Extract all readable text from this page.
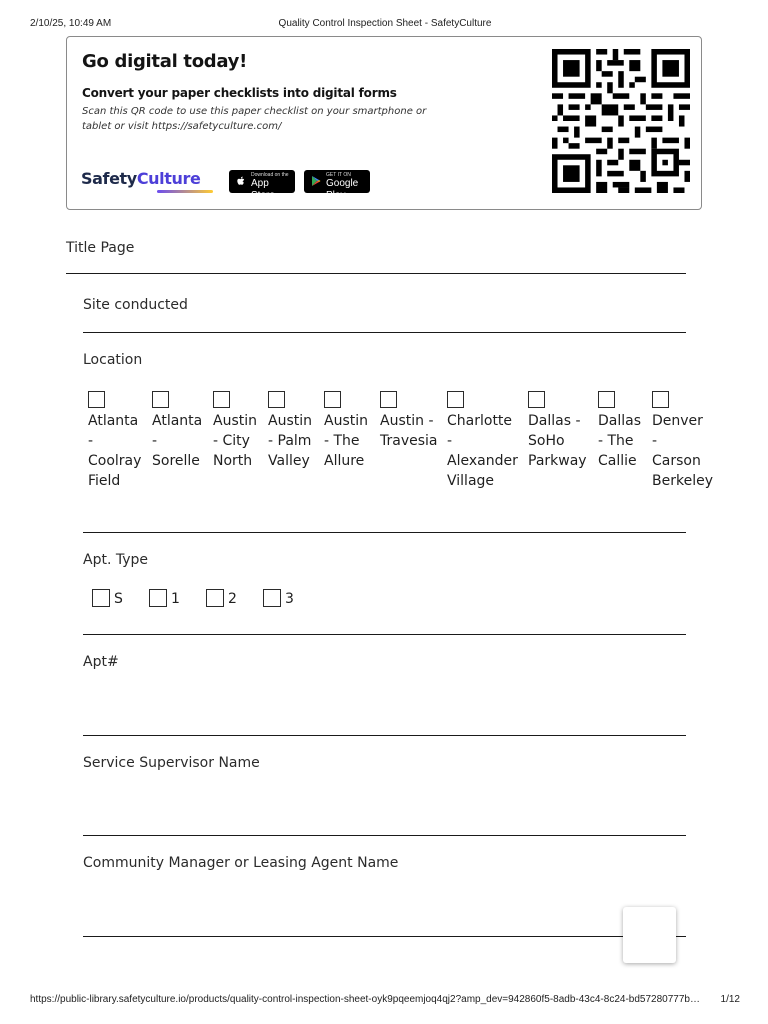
2/10/25, 10:49 AM	Quality Control Inspection Sheet - SafetyCulture
Go digital today!
Convert your paper checklists into digital forms
Scan this QR code to use this paper checklist on your smartphone or tablet or visit https://safetyculture.com/
SafetyCulture	Download on the
App Store
GET IT ON
Google Play
Title Page
Site conducted
Location
Atlanta
-
Coolray
Field
Atlanta
-
Sorelle
Austin
- City
North
Austin
- Palm
Valley
Austin
- The
Allure
Austin -
Travesia
Charlotte
-
Alexander
Village
Dallas -
SoHo
Parkway
Dallas
- The
Callie
Denver
-
Carson
Berkeley
Apt. Type
S	1	2	3
Apt#
Service Supervisor Name
Community Manager or Leasing Agent Name
https://public-library.safetyculture.io/products/quality-control-inspection-sheet-oyk9pqeemjoq4qj2?amp_dev=942860f5-8adb-43c4-8c24-bd57280777b…	1/12
